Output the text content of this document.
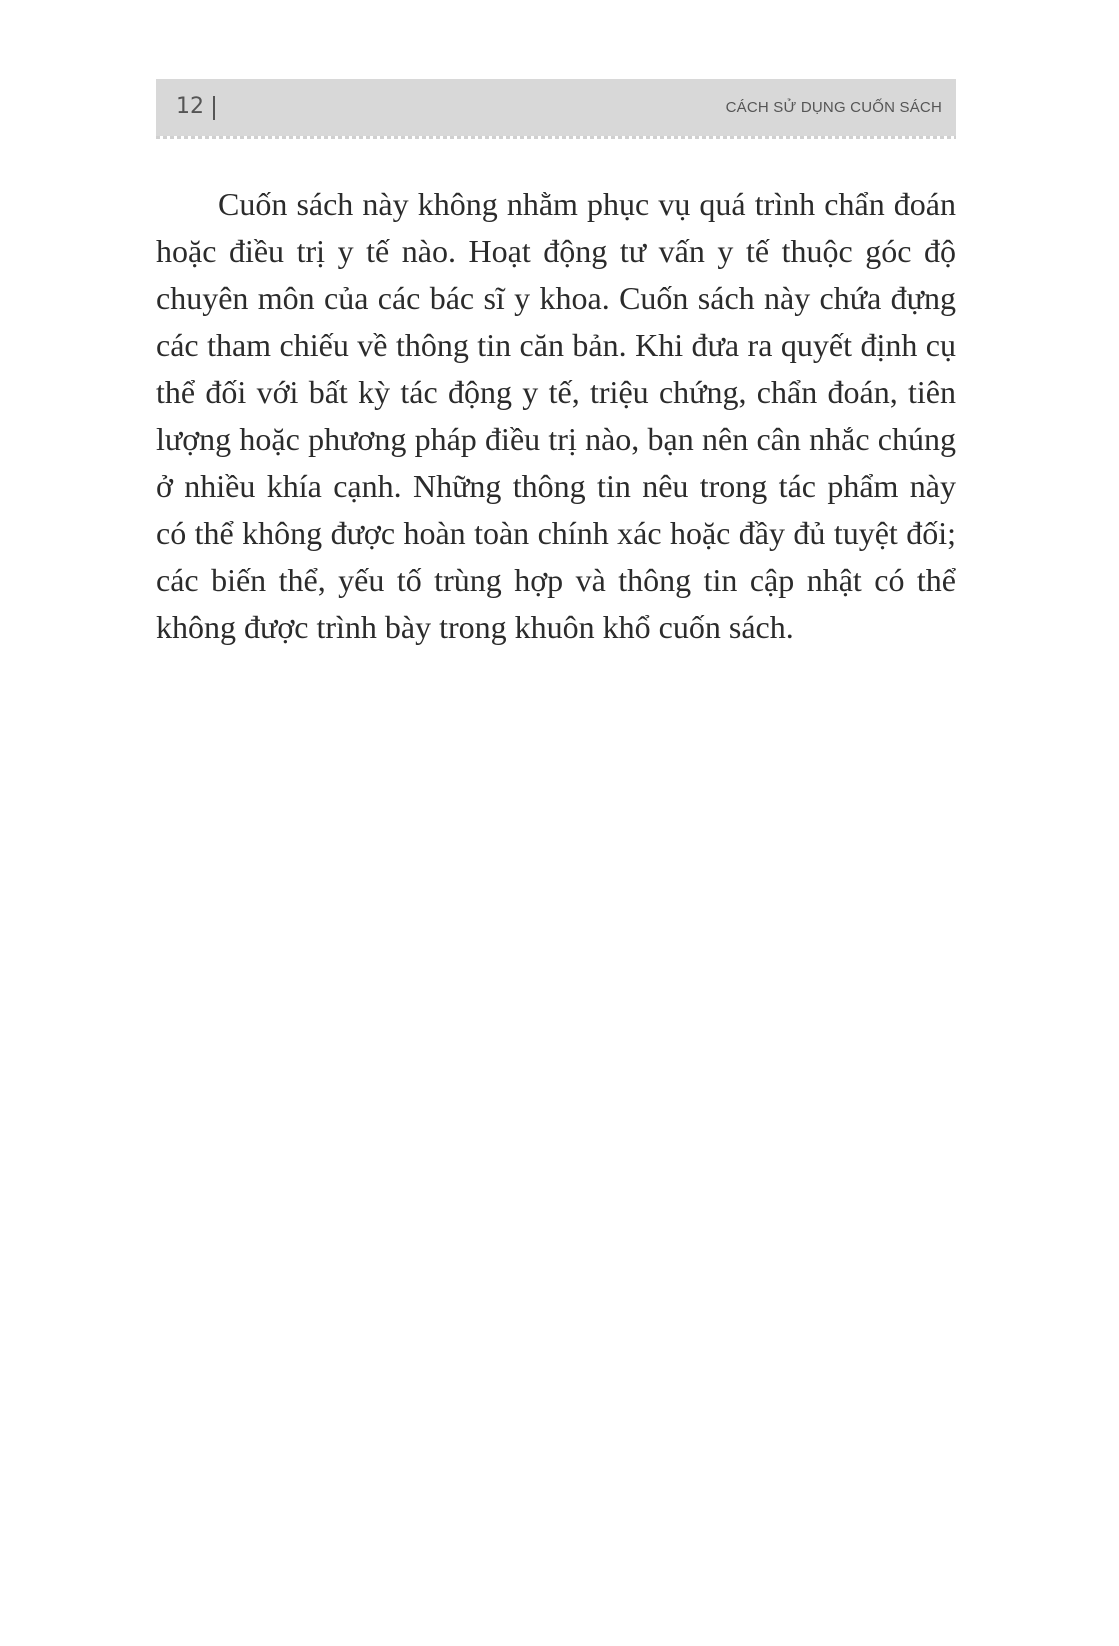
12	CÁCH SỬ DỤNG CUỐN SÁCH

Cuốn sách này không nhằm phục vụ quá trình chẩn đoán hoặc điều trị y tế nào. Hoạt động tư vấn y tế thuộc góc độ chuyên môn của các bác sĩ y khoa. Cuốn sách này chứa đựng các tham chiếu về thông tin căn bản. Khi đưa ra quyết định cụ thể đối với bất kỳ tác động y tế, triệu chứng, chẩn đoán, tiên lượng hoặc phương pháp điều trị nào, bạn nên cân nhắc chúng ở nhiều khía cạnh. Những thông tin nêu trong tác phẩm này có thể không được hoàn toàn chính xác hoặc đầy đủ tuyệt đối; các biến thể, yếu tố trùng hợp và thông tin cập nhật có thể không được trình bày trong khuôn khổ cuốn sách.
